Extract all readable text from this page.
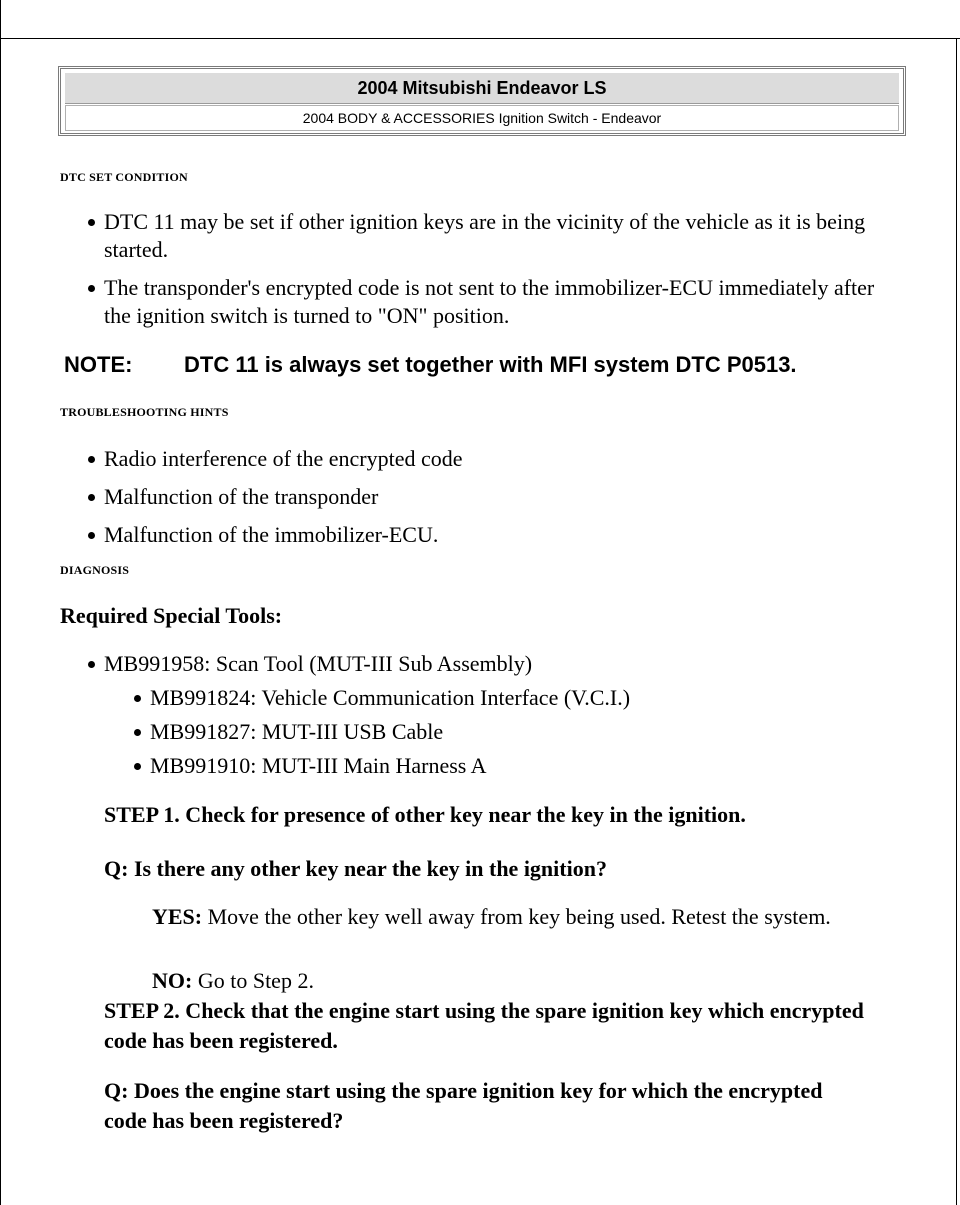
2004 Mitsubishi Endeavor LS
2004 BODY & ACCESSORIES Ignition Switch - Endeavor
DTC SET CONDITION
DTC 11 may be set if other ignition keys are in the vicinity of the vehicle as it is being started.
The transponder's encrypted code is not sent to the immobilizer-ECU immediately after the ignition switch is turned to "ON" position.
NOTE: DTC 11 is always set together with MFI system DTC P0513.
TROUBLESHOOTING HINTS
Radio interference of the encrypted code
Malfunction of the transponder
Malfunction of the immobilizer-ECU.
DIAGNOSIS
Required Special Tools:
MB991958: Scan Tool (MUT-III Sub Assembly)
MB991824: Vehicle Communication Interface (V.C.I.)
MB991827: MUT-III USB Cable
MB991910: MUT-III Main Harness A
STEP 1. Check for presence of other key near the key in the ignition.
Q: Is there any other key near the key in the ignition?
YES: Move the other key well away from key being used. Retest the system.
NO: Go to Step 2.
STEP 2. Check that the engine start using the spare ignition key which encrypted code has been registered.
Q: Does the engine start using the spare ignition key for which the encrypted code has been registered?
